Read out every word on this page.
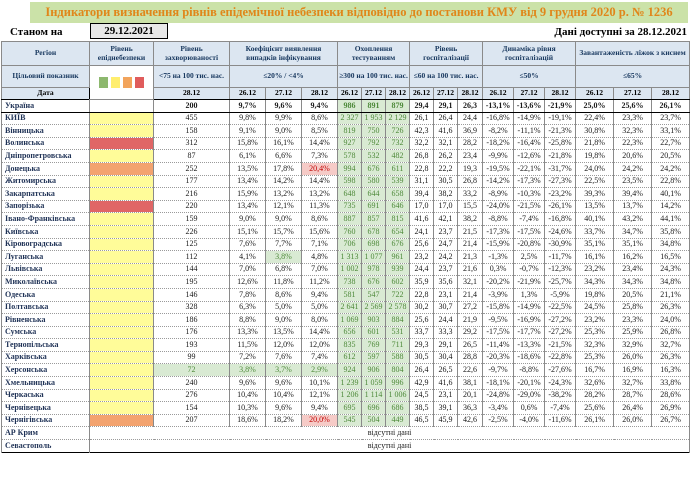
Індикатори визначення рівнів епідемічної небезпеки відповідно до постанови КМУ від 9 грудня 2020 р. № 1236
Станом на	29.12.2021	Дані доступні за 28.12.2021
Регіон	Рівень епіднебезпеки	Рівень захворюваності	Коефіцієнт виявлення випадків інфікування			Охоплення тестуванням			Рівень госпіталізації			Динаміка рівня госпіталізацій			Завантаженість ліжок з киснем		
Цільовий показник		<75 на 100 тис. нас.	≤20% / <4%			≥300 на 100 тис. нас.			≤60 на 100 тис. нас.			≤50%			≤65%		
Дата		28.12	26.12	27.12	28.12	26.12	27.12	28.12	26.12	27.12	28.12	26.12	27.12	28.12	26.12	27.12	28.12
Україна		200	9,7%	9,6%	9,4%	986	891	879	29,4	29,1	26,3	-13,1%	-13,6%	-21,9%	25,0%	25,6%	26,1%
КИЇВ		455	9,8%	9,9%	8,6%	2 327	1 953	2 129	26,1	26,4	24,4	-16,8%	-14,9%	-19,1%	22,4%	23,3%	23,7%
Вінницька		158	9,1%	9,0%	8,5%	819	750	726	42,3	41,6	36,9	-8,2%	-11,1%	-21,3%	30,8%	32,3%	33,1%
Волинська		312	15,8%	16,1%	14,4%	927	792	732	32,2	32,1	28,2	-18,2%	-16,4%	-25,8%	21,8%	22,3%	22,7%
Дніпропетровська		87	6,1%	6,6%	7,3%	578	532	482	26,8	26,2	23,4	-9,9%	-12,6%	-21,8%	19,8%	20,6%	20,5%
Донецька		252	13,5%	17,8%	20,4%	994	676	611	22,8	22,2	19,3	-19,5%	-22,1%	-31,7%	24,0%	24,2%	24,2%
Житомирська		177	13,4%	14,2%	14,4%	598	580	539	31,1	30,5	26,8	-14,2%	-17,3%	-27,3%	22,5%	23,5%	22,8%
Закарпатська		216	15,9%	13,2%	13,2%	648	644	658	39,4	38,2	33,2	-8,9%	-10,3%	-23,2%	39,3%	39,4%	40,1%
Запорізька		220	13,4%	12,1%	11,3%	735	691	646	17,0	17,0	15,5	-24,0%	-21,5%	-26,1%	13,5%	13,7%	14,2%
Івано-Франківська		159	9,0%	9,0%	8,6%	887	857	815	41,6	42,1	38,2	-8,8%	-7,4%	-16,8%	40,1%	43,2%	44,1%
Київська		226	15,1%	15,7%	15,6%	760	678	654	24,1	23,7	21,5	-17,3%	-17,5%	-24,6%	33,7%	34,7%	35,8%
Кіровоградська		125	7,6%	7,7%	7,1%	706	698	676	25,6	24,7	21,4	-15,9%	-20,8%	-30,9%	35,1%	35,1%	34,8%
Луганська		112	4,1%	3,8%	4,8%	1 313	1 077	961	23,2	24,2	21,3	-1,3%	2,5%	-11,7%	16,1%	16,2%	16,5%
Львівська		144	7,0%	6,8%	7,0%	1 002	978	939	24,4	23,7	21,6	0,3%	-0,7%	-12,3%	23,2%	23,4%	24,3%
Миколаївська		195	12,6%	11,8%	11,2%	738	676	602	35,9	35,6	32,1	-20,2%	-21,9%	-25,7%	34,3%	34,3%	34,8%
Одеська		146	7,8%	8,6%	9,4%	581	547	722	22,8	23,1	21,4	-3,9%	1,3%	-5,9%	19,8%	20,5%	21,1%
Полтавська		328	6,3%	5,0%	5,0%	2 641	2 569	2 578	30,2	30,7	27,2	-15,8%	-14,9%	-22,5%	24,5%	25,8%	26,3%
Рівненська		186	8,8%	9,0%	8,0%	1 069	903	884	25,6	24,4	21,9	-9,5%	-16,9%	-27,2%	23,2%	23,3%	24,0%
Сумська		176	13,3%	13,5%	14,4%	656	601	531	33,7	33,3	29,2	-17,5%	-17,7%	-27,2%	25,3%	25,9%	26,8%
Тернопільська		193	11,5%	12,0%	12,0%	835	769	711	29,3	29,1	26,5	-11,4%	-13,3%	-21,5%	32,3%	32,9%	32,7%
Харківська		99	7,2%	7,6%	7,4%	612	597	588	30,5	30,4	28,8	-20,3%	-18,6%	-22,8%	25,3%	26,0%	26,3%
Херсонська		72	3,8%	3,7%	2,9%	924	906	804	26,4	26,5	22,6	-9,7%	-8,8%	-27,6%	16,7%	16,9%	16,3%
Хмельницька		240	9,6%	9,6%	10,1%	1 239	1 059	996	42,9	41,6	38,1	-18,1%	-20,1%	-24,3%	32,6%	32,7%	33,8%
Черкаська		276	10,4%	10,4%	12,1%	1 206	1 114	1 006	24,5	23,1	20,1	-24,8%	-29,0%	-38,2%	28,2%	28,7%	28,6%
Чернівецька		154	10,3%	9,6%	9,4%	695	696	686	38,5	39,1	36,3	-3,4%	0,6%	-7,4%	25,6%	26,4%	26,9%
Чернігівська		207	18,6%	18,2%	20,0%	545	504	449	46,5	45,9	42,6	-2,5%	-4,0%	-11,6%	26,1%	26,0%	26,7%
АР Крим	відсутні дані																
Севастополь	відсутні дані																
